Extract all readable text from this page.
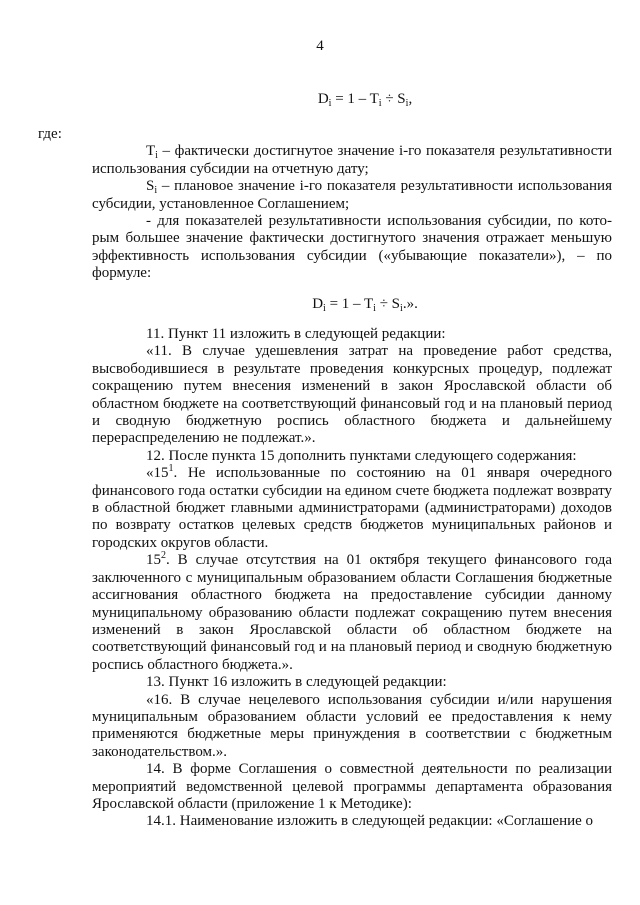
4
$D_i = 1 - T_i \div S_i$,

где:

$T_i$ – фактически достигнутое значение i-го показателя результативности использования субсидии на отчетную дату;

$S_i$ – плановое значение i-го показателя результативности использования субсидии, установленное Соглашением;

- для показателей результативности использования субсидии, по кото-рым большее значение фактически достигнутого значения отражает меньшую эффективность использования субсидии («убывающие показатели»), – по формуле:

$D_i = 1 - T_i \div S_i$.».

11. Пункт 11 изложить в следующей редакции:

«11. В случае удешевления затрат на проведение работ средства, высвободившиеся в результате проведения конкурсных процедур, подлежат сокращению путем внесения изменений в закон Ярославской области об областном бюджете на соответствующий финансовый год и на плановый период и сводную бюджетную роспись областного бюджета и дальнейшему перераспределению не подлежат.».

12. После пункта 15 дополнить пунктами следующего содержания:

«$15^1$. Не использованные по состоянию на 01 января очередного финансового года остатки субсидии на едином счете бюджета подлежат возврату в областной бюджет главными администраторами (администраторами) доходов по возврату остатков целевых средств бюджетов муниципальных районов и городских округов области.

$15^2$. В случае отсутствия на 01 октября текущего финансового года заключенного с муниципальным образованием области Соглашения бюджетные ассигнования областного бюджета на предоставление субсидии данному муниципальному образованию области подлежат сокращению путем внесения изменений в закон Ярославской области об областном бюджете на соответствующий финансовый год и на плановый период и сводную бюджетную роспись областного бюджета.».

13. Пункт 16 изложить в следующей редакции:

«16. В случае нецелевого использования субсидии и/или нарушения муниципальным образованием области условий ее предоставления к нему применяются бюджетные меры принуждения в соответствии с бюджетным законодательством.».

14. В форме Соглашения о совместной деятельности по реализации мероприятий ведомственной целевой программы департамента образования Ярославской области (приложение 1 к Методике):

14.1. Наименование изложить в следующей редакции: «Соглашение о
